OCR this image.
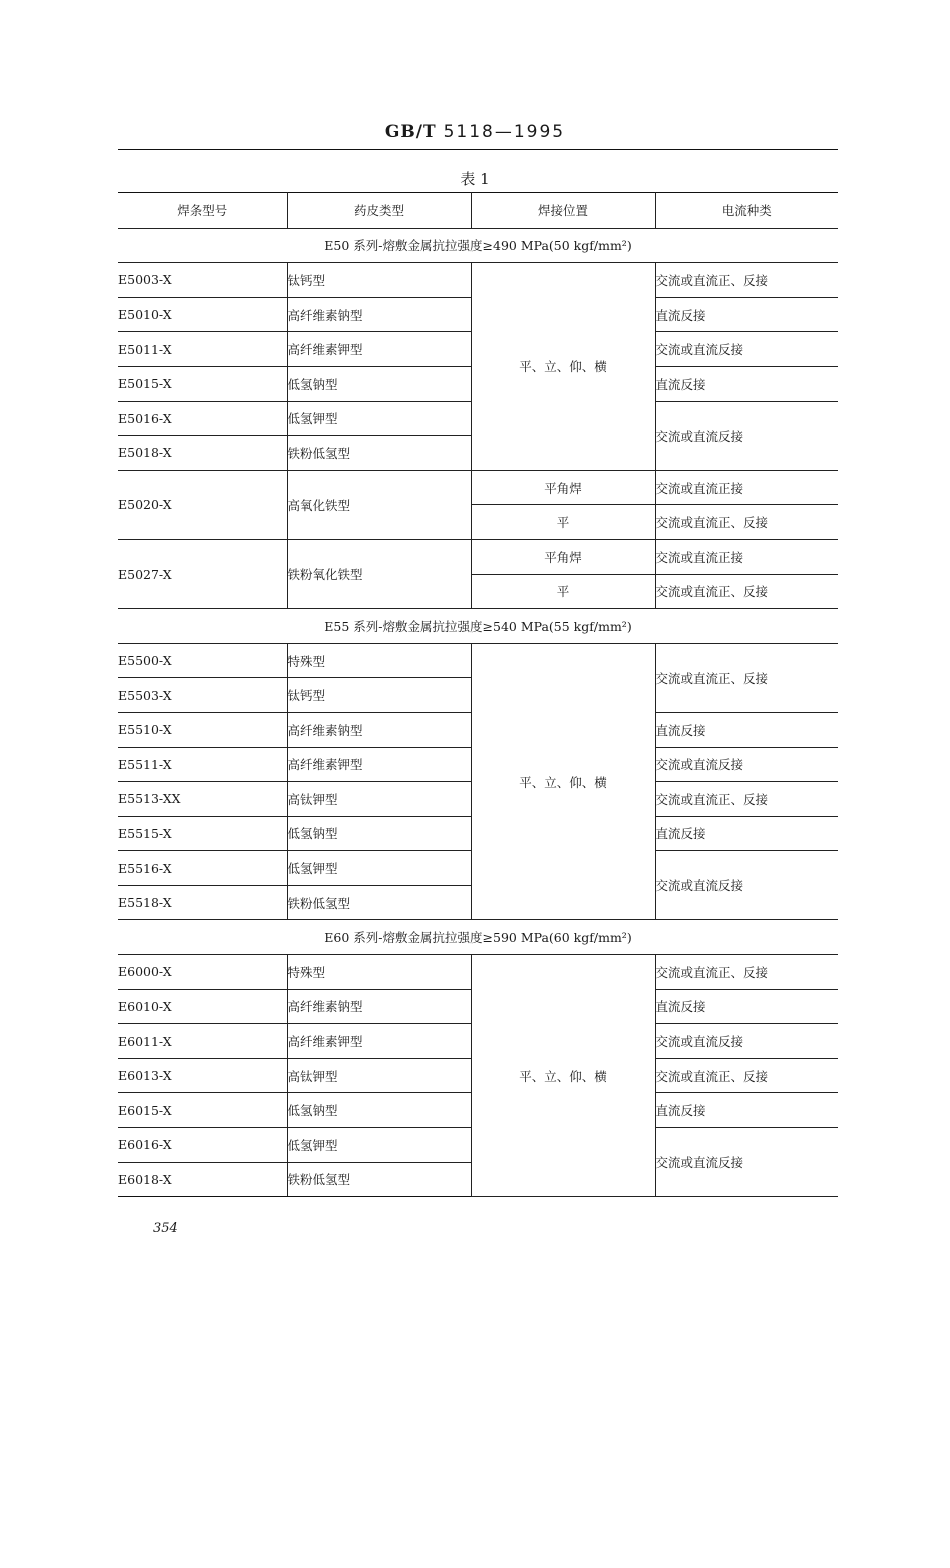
GB/T 5118—1995
表 1
焊条型号	药皮类型	焊接位置	电流种类
E50 系列-熔敷金属抗拉强度≥490 MPa(50 kgf/mm²)			
E5003-X	钛钙型	平、立、仰、横	交流或直流正、反接
E5010-X	高纤维素钠型		直流反接
E5011-X	高纤维素钾型		交流或直流反接
E5015-X	低氢钠型		直流反接
E5016-X	低氢钾型		交流或直流反接
E5018-X	铁粉低氢型		
E5020-X	高氧化铁型	平角焊	交流或直流正接
		平	交流或直流正、反接
E5027-X	铁粉氧化铁型	平角焊	交流或直流正接
		平	交流或直流正、反接
E55 系列-熔敷金属抗拉强度≥540 MPa(55 kgf/mm²)			
E5500-X	特殊型	平、立、仰、横	交流或直流正、反接
E5503-X	钛钙型		
E5510-X	高纤维素钠型		直流反接
E5511-X	高纤维素钾型		交流或直流反接
E5513-XX	高钛钾型		交流或直流正、反接
E5515-X	低氢钠型		直流反接
E5516-X	低氢钾型		交流或直流反接
E5518-X	铁粉低氢型		
E60 系列-熔敷金属抗拉强度≥590 MPa(60 kgf/mm²)			
E6000-X	特殊型	平、立、仰、横	交流或直流正、反接
E6010-X	高纤维素钠型		直流反接
E6011-X	高纤维素钾型		交流或直流反接
E6013-X	高钛钾型		交流或直流正、反接
E6015-X	低氢钠型		直流反接
E6016-X	低氢钾型		交流或直流反接
E6018-X	铁粉低氢型		
354
